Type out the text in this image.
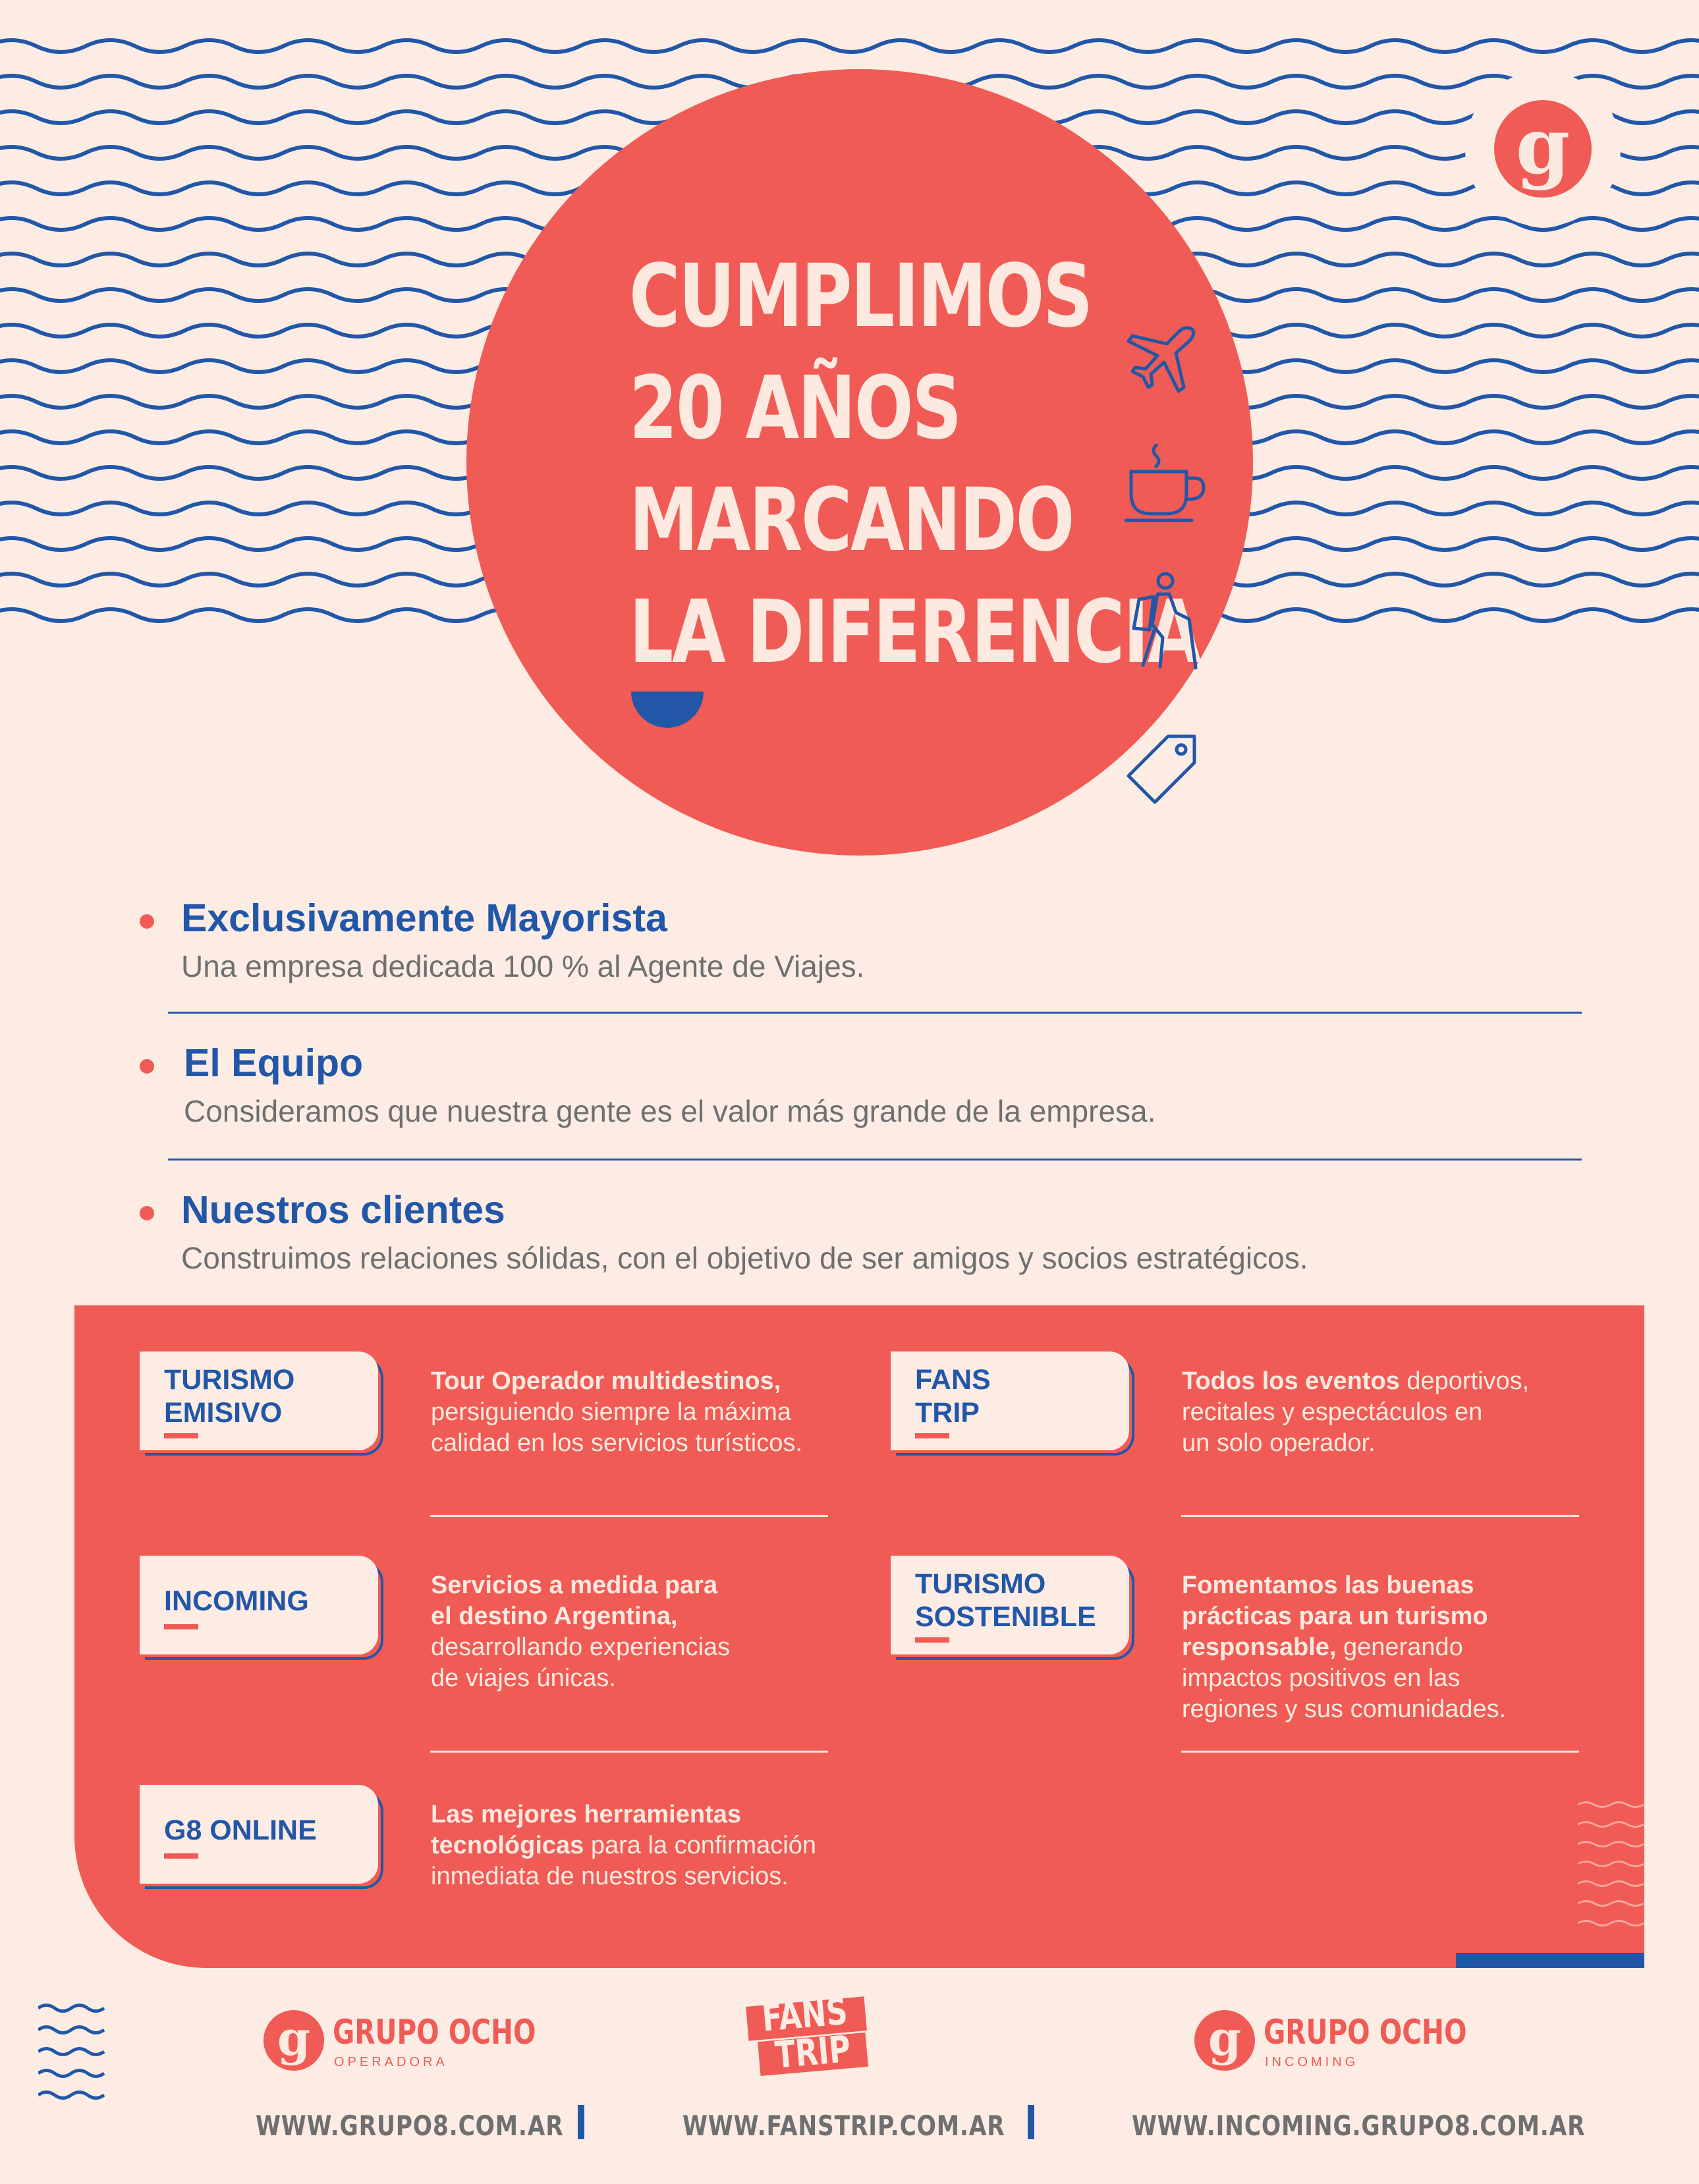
CUMPLIMOS
20 AÑOS
MARCANDO
LA DIFERENCIA
g
Exclusivamente Mayorista
Una empresa dedicada 100 % al Agente de Viajes.
El Equipo
Consideramos que nuestra gente es el valor más grande de la empresa.
Nuestros clientes
Construimos relaciones sólidas, con el objetivo de ser amigos y socios estratégicos.
TURISMO
EMISIVO
Tour Operador multidestinos,
persiguiendo siempre la máxima
calidad en los servicios turísticos.
FANS
TRIP
Todos los eventos deportivos,
recitales y espectáculos en
un solo operador.
INCOMING	Servicios a medida para
el destino Argentina,
desarrollando experiencias
de viajes únicas.
TURISMO
SOSTENIBLE
Fomentamos las buenas
prácticas para un turismo
responsable, generando
impactos positivos en las
regiones y sus comunidades.
G8 ONLINE	Las mejores herramientas
tecnológicas para la confirmación
inmediata de nuestros servicios.
g GRUPO OCHO
OPERADORA
FANS
TRIP	g GRUPO OCHO
INCOMING
WWW.GRUPO8.COM.AR	WWW.FANSTRIP.COM.AR	WWW.INCOMING.GRUPO8.COM.AR
